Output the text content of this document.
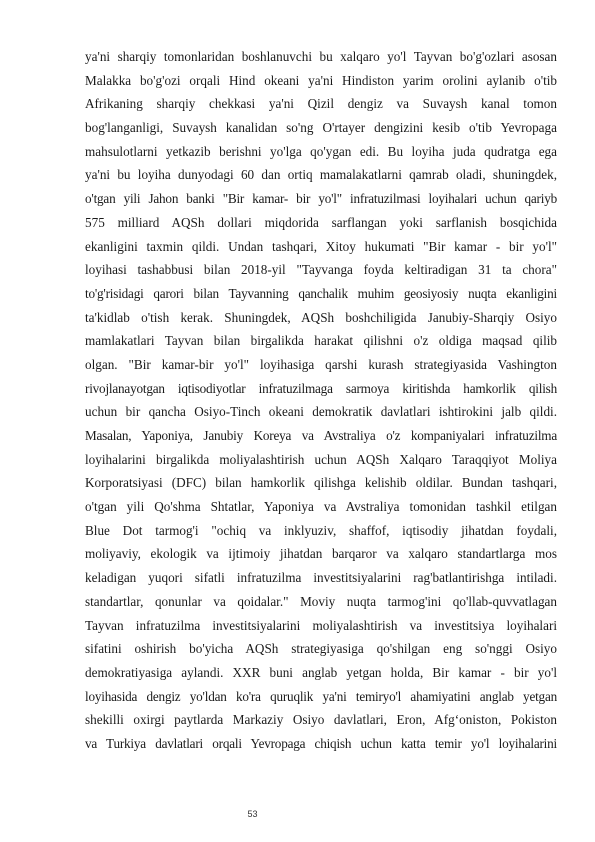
ya'ni sharqiy tomonlaridan boshlanuvchi bu xalqaro yo'l Tayvan bo'g'ozlari asosan
Malakka bo'g'ozi orqali Hind okeani ya'ni Hindiston yarim orolini aylanib o'tib
Afrikaning sharqiy chekkasi ya'ni Qizil dengiz va Suvaysh kanal tomon
bog'langanligi, Suvaysh kanalidan so'ng O'rtayer dengizini kesib o'tib Yevropaga
mahsulotlarni yetkazib berishni yo'lga qo'ygan edi. Bu loyiha juda qudratga ega
ya'ni bu loyiha dunyodagi 60 dan ortiq mamalakatlarni qamrab oladi, shuningdek,
o'tgan yili Jahon banki "Bir kamar- bir yo'l" infratuzilmasi loyihalari uchun qariyb
575 milliard AQSh dollari miqdorida sarflangan yoki sarflanish bosqichida
ekanligini taxmin qildi. Undan tashqari, Xitoy hukumati "Bir kamar - bir yo'l"
loyihasi tashabbusi bilan 2018-yil "Tayvanga foyda keltiradigan 31 ta chora"
to'g'risidagi qarori bilan Tayvanning qanchalik muhim geosiyosiy nuqta ekanligini
ta'kidlab o'tish kerak. Shuningdek, AQSh boshchiligida Janubiy-Sharqiy Osiyo
mamlakatlari Tayvan bilan birgalikda harakat qilishni o'z oldiga maqsad qilib
olgan. "Bir kamar-bir yo'l" loyihasiga qarshi kurash strategiyasida Vashington
rivojlanayotgan iqtisodiyotlar infratuzilmaga sarmoya kiritishda hamkorlik qilish
uchun bir qancha Osiyo-Tinch okeani demokratik davlatlari ishtirokini jalb qildi.
Masalan, Yaponiya, Janubiy Koreya va Avstraliya o'z kompaniyalari infratuzilma
loyihalarini birgalikda moliyalashtirish uchun AQSh Xalqaro Taraqqiyot Moliya
Korporatsiyasi (DFC) bilan hamkorlik qilishga kelishib oldilar. Bundan tashqari,
o'tgan yili Qo'shma Shtatlar, Yaponiya va Avstraliya tomonidan tashkil etilgan
Blue Dot tarmog'i "ochiq va inklyuziv, shaffof, iqtisodiy jihatdan foydali,
moliyaviy, ekologik va ijtimoiy jihatdan barqaror va xalqaro standartlarga mos
keladigan yuqori sifatli infratuzilma investitsiyalarini rag'batlantirishga intiladi.
standartlar, qonunlar va qoidalar." Moviy nuqta tarmog'ini qo'llab-quvvatlagan
Tayvan infratuzilma investitsiyalarini moliyalashtirish va investitsiya loyihalari
sifatini oshirish bo'yicha AQSh strategiyasiga qo'shilgan eng so'nggi Osiyo
demokratiyasiga aylandi. XXR buni anglab yetgan holda, Bir kamar - bir yo'l
loyihasida dengiz yo'ldan ko'ra quruqlik ya'ni temiryo'l ahamiyatini anglab yetgan
shekilli oxirgi paytlarda Markaziy Osiyo davlatlari, Eron, Afg‘oniston, Pokiston
va Turkiya davlatlari orqali Yevropaga chiqish uchun katta temir yo'l loyihalarini
53
